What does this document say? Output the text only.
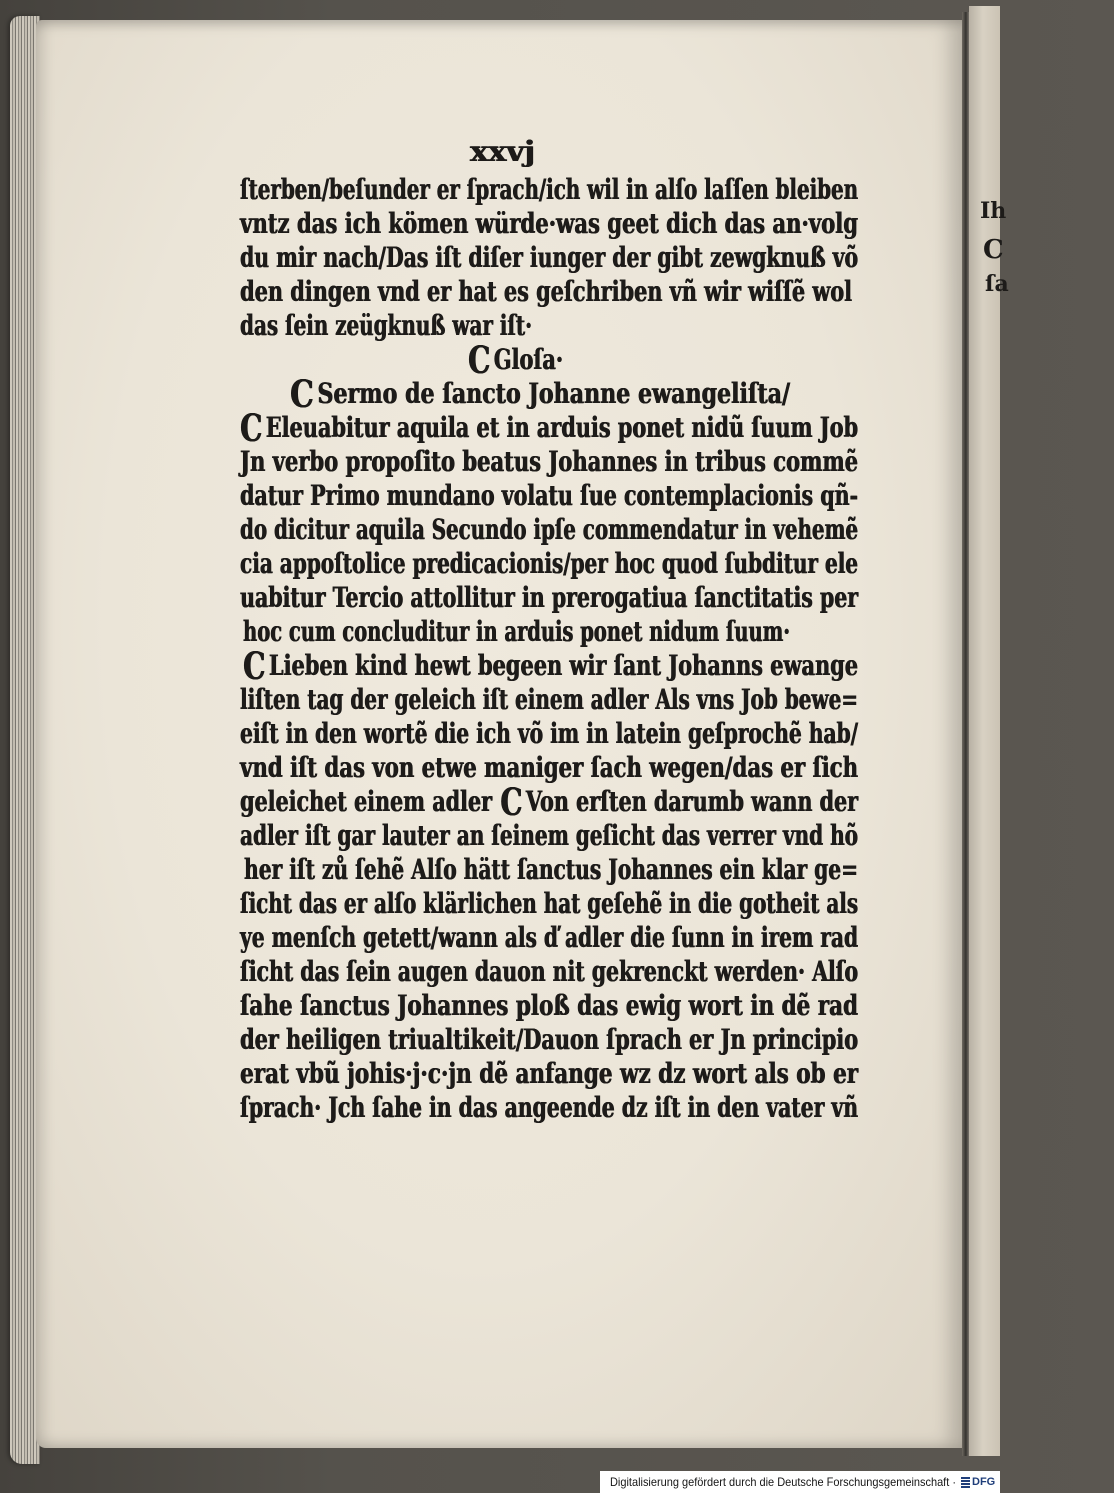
Ih
C
ſa
xxvj
ſterben/beſunder er ſprach/ich wil in alſo laſſen bleiben
vntz das ich kömen würde·was geet dich das an·volg
du mir nach/Das iſt diſer iunger der gibt zewgknuß võ
den dingen vnd er hat es geſchriben vñ wir wiſſẽ wol
das ſein zeügknuß war iſt·
C Gloſa·
C Sermo de ſancto Johanne ewangeliſta/
C Eleuabitur aquila et in arduis ponet nidũ ſuum Job
Jn verbo propoſito beatus Johannes in tribus commẽ
datur Primo mundano volatu ſue contemplacionis qñ-
do dicitur aquila Secundo ipſe commendatur in vehemẽ
cia appoſtolice predicacionis/per hoc quod ſubditur ele
uabitur Tercio attollitur in prerogatiua ſanctitatis per
hoc cum concluditur in arduis ponet nidum ſuum·
C Lieben kind hewt begeen wir ſant Johanns ewange
liſten tag der geleich iſt einem adler Als vns Job bewe=
eiſt in den wortẽ die ich võ im in latein geſprochẽ hab/
vnd iſt das von etwe maniger ſach wegen/das er ſich
geleichet einem adler C Von erſten darumb wann der
adler iſt gar lauter an ſeinem geſicht das verrer vnd hõ
her iſt zů ſehẽ Alſo hätt ſanctus Johannes ein klar ge=
ſicht das er alſo klärlichen hat geſehẽ in die gotheit als
ye menſch getett/wann als ď adler die ſunn in irem rad
ſicht das ſein augen dauon nit gekrenckt werden· Alſo
ſahe ſanctus Johannes ploß das ewig wort in dẽ rad
der heiligen triualtikeit/Dauon ſprach er Jn principio
erat vbũ johis·j·c·jn dẽ anfange wz dz wort als ob er
ſprach· Jch ſahe in das angeende dz iſt in den vater vñ
Digitalisierung gefördert durch die Deutsche Forschungsgemeinschaft · DFG
